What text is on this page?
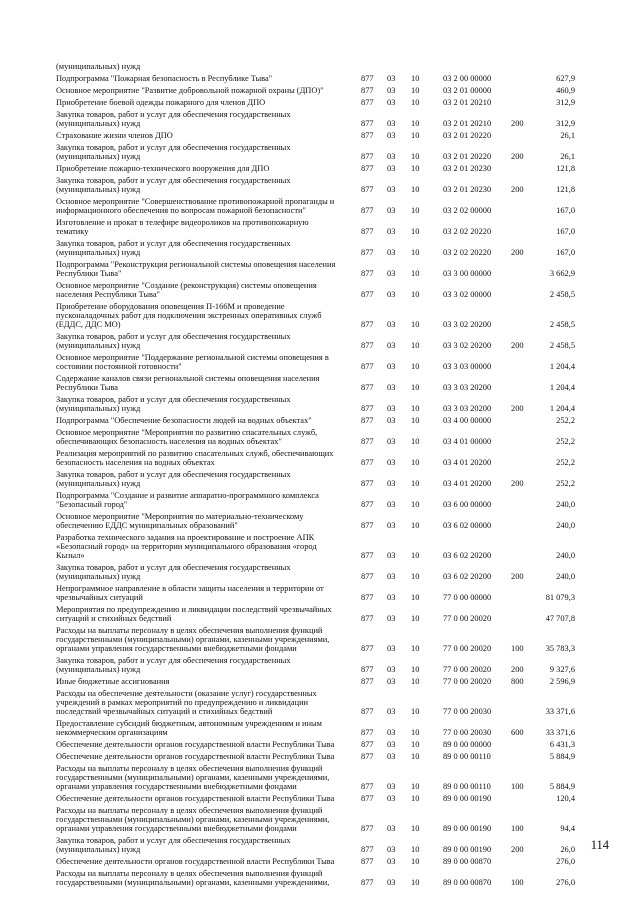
(муниципальных) нужд
Подпрограмма "Пожарная безопасность в Республике Тыва"	877 03 10	03 2 00 00000	627,9
Основное мероприятие "Развитие добровольной пожарной охраны (ДПО)"	877 03 10	03 2 01 00000	460,9
Приобретение боевой одежды пожарного для членов ДПО	877 03 10	03 2 01 20210	312,9
Закупка товаров, работ и услуг для обеспечения государственных
(муниципальных) нужд	877 03 10	03 2 01 20210 200	312,9
Страхование жизни членов ДПО	877 03 10	03 2 01 20220	26,1
Закупка товаров, работ и услуг для обеспечения государственных
(муниципальных) нужд	877 03 10	03 2 01 20220 200	26,1
Приобретение пожарно-технического вооружения для ДПО	877 03 10	03 2 01 20230	121,8
Закупка товаров, работ и услуг для обеспечения государственных
(муниципальных) нужд	877 03 10	03 2 01 20230 200	121,8
Основное мероприятие "Совершенствование противопожарной пропаганды и
информационного обеспечения по вопросам пожарной безопасности"	877 03 10	03 2 02 00000	167,0
Изготовление и прокат в телефире видеороликов на противопожарную
тематику	877 03 10	03 2 02 20220	167,0
Закупка товаров, работ и услуг для обеспечения государственных
(муниципальных) нужд	877 03 10	03 2 02 20220 200	167,0
Подпрограмма "Реконструкция региональной системы оповещения населения
Республики Тыва"	877 03 10	03 3 00 00000	3 662,9
Основное мероприятие "Создание (реконструкция) системы оповещения
населения Республики Тыва"	877 03 10	03 3 02 00000	2 458,5
Приобретение оборудования оповещения П-166М и проведение
пусконаладочных работ для подключения экстренных оперативных служб
(ЕДДС, ДДС МО)	877 03 10	03 3 02 20200	2 458,5
Закупка товаров, работ и услуг для обеспечения государственных
(муниципальных) нужд	877 03 10	03 3 02 20200 200	2 458,5
Основное мероприятие "Поддержание региональной системы оповещения в
состоянии постоянной готовности"	877 03 10	03 3 03 00000	1 204,4
Содержание каналов связи региональной системы оповещения населения
Республики Тыва	877 03 10	03 3 03 20200	1 204,4
Закупка товаров, работ и услуг для обеспечения государственных
(муниципальных) нужд	877 03 10	03 3 03 20200 200	1 204,4
Подпрограмма "Обеспечение безопасности людей на водных объектах"	877 03 10	03 4 00 00000	252,2
Основное мероприятие "Мероприятия по развитию спасательных служб,
обеспечивающих безопасность населения на водных объектах"	877 03 10	03 4 01 00000	252,2
Реализация мероприятий по развитию спасательных служб, обеспечивающих
безопасность населения на водных объектах	877 03 10	03 4 01 20200	252,2
Закупка товаров, работ и услуг для обеспечения государственных
(муниципальных) нужд	877 03 10	03 4 01 20200 200	252,2
Подпрограмма "Создание и развитие аппаратно-программного комплекса
"Безопасный город"	877 03 10	03 6 00 00000	240,0
Основное мероприятие "Мероприятия по материально-техническому
обеспечению ЕДДС муниципальных образований"	877 03 10	03 6 02 00000	240,0
Разработка технического задания на проектирование и построение АПК
«Безопасный город» на территории муниципального образования «город
Кызыл»	877 03 10	03 6 02 20200	240,0
Закупка товаров, работ и услуг для обеспечения государственных
(муниципальных) нужд	877 03 10	03 6 02 20200 200	240,0
Непрограммное направление в области защиты населения и территории от
чрезвычайных ситуаций	877 03 10	77 0 00 00000	81 079,3
Мероприятия по предупреждению и ликвидации последствий чрезвычайных
ситуаций и стихийных бедствий	877 03 10	77 0 00 20020	47 707,8
Расходы на выплаты персоналу в целях обеспечения выполнения функций
государственными (муниципальными) органами, казенными учреждениями,
органами управления государственными внебюджетными фондами	877 03 10	77 0 00 20020 100	35 783,3
Закупка товаров, работ и услуг для обеспечения государственных
(муниципальных) нужд	877 03 10	77 0 00 20020 200	9 327,6
Иные бюджетные ассигнования	877 03 10	77 0 00 20020 800	2 596,9
Расходы на обеспечение деятельности (оказание услуг) государственных
учреждений в рамках мероприятий по предупреждению и ликвидации
последствий чрезвычайных ситуаций и стихийных бедствий	877 03 10	77 0 00 20030	33 371,6
Предоставление субсидий бюджетным, автономным учреждениям и иным
некоммерческим организациям	877 03 10	77 0 00 20030 600	33 371,6
Обеспечение деятельности органов государственной власти Республики Тыва	877 03 10	89 0 00 00000	6 431,3
Обеспечение деятельности органов государственной власти Республики Тыва	877 03 10	89 0 00 00110	5 884,9
Расходы на выплаты персоналу в целях обеспечения выполнения функций
государственными (муниципальными) органами, казенными учреждениями,
органами управления государственными внебюджетными фондами	877 03 10	89 0 00 00110 100	5 884,9
Обеспечение деятельности органов государственной власти Республики Тыва	877 03 10	89 0 00 00190	120,4
Расходы на выплаты персоналу в целях обеспечения выполнения функций
государственными (муниципальными) органами, казенными учреждениями,
органами управления государственными внебюджетными фондами	877 03 10	89 0 00 00190 100	94,4
Закупка товаров, работ и услуг для обеспечения государственных
(муниципальных) нужд	877 03 10	89 0 00 00190 200	26,0
Обеспечение деятельности органов государственной власти Республики Тыва	877 03 10	89 0 00 00870	276,0
Расходы на выплаты персоналу в целях обеспечения выполнения функций
государственными (муниципальными) органами, казенными учреждениями,	877 03 10	89 0 00 00870 100	276,0
114
